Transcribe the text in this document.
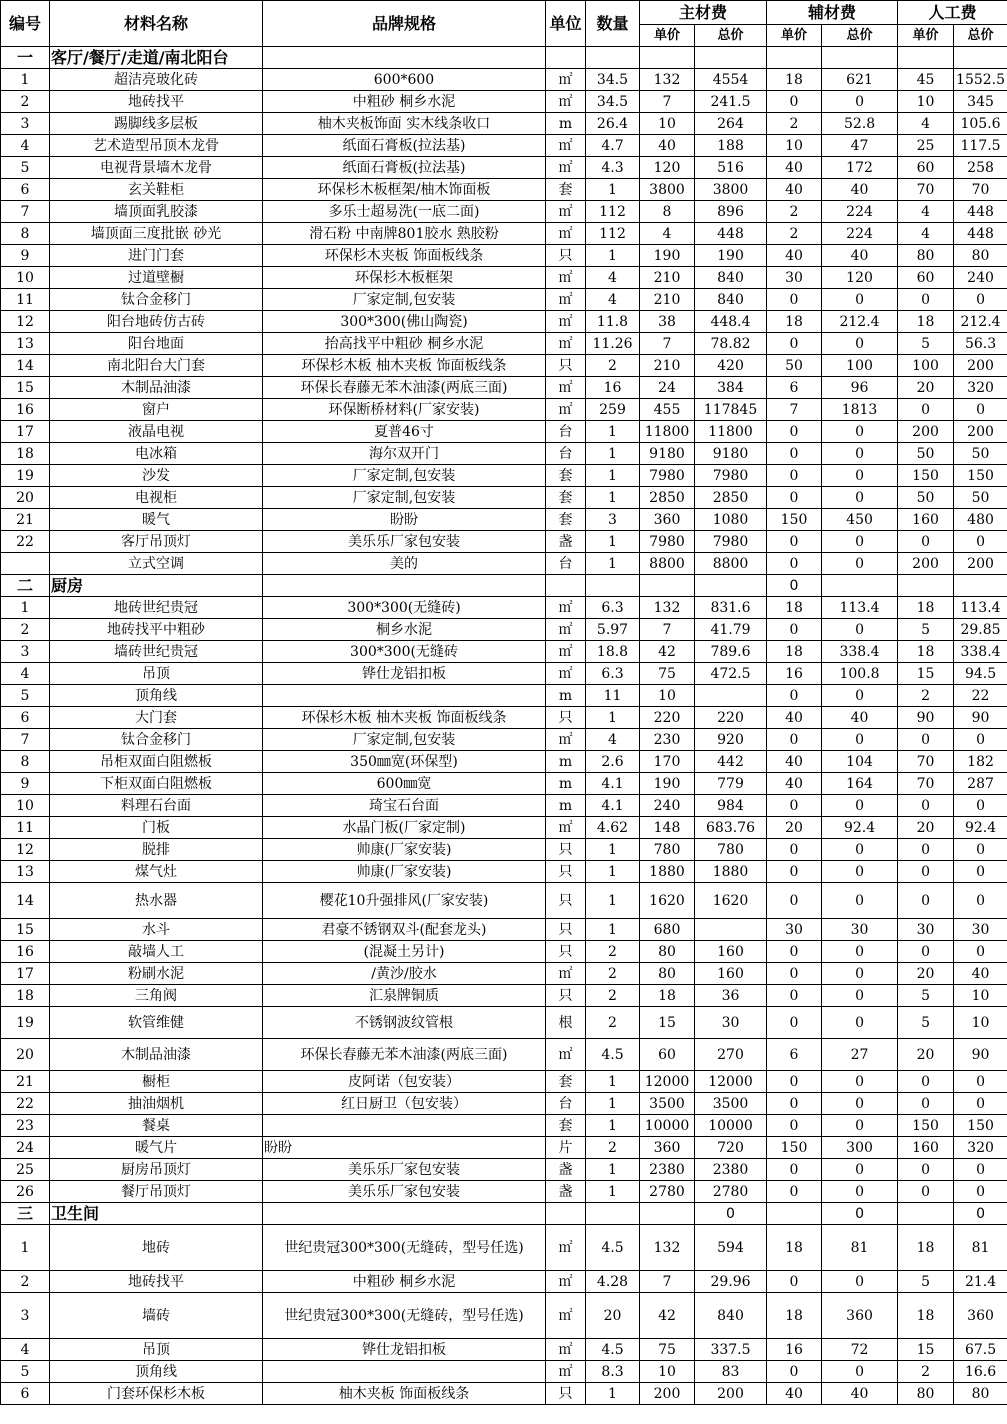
编号	材料名称	品牌规格	单位	数量	主材费		辅材费		人工费	
					单价	总价	单价	总价	单价	总价
一	客厅/餐厅/走道/南北阳台									
1	超洁亮玻化砖	600*600	㎡	34.5	132	4554	18	621	45	1552.5
2	地砖找平	中粗砂 桐乡水泥	㎡	34.5	7	241.5	0	0	10	345
3	踢脚线多层板	柚木夹板饰面 实木线条收口	m	26.4	10	264	2	52.8	4	105.6
4	艺术造型吊顶木龙骨	纸面石膏板(拉法基)	㎡	4.7	40	188	10	47	25	117.5
5	电视背景墙木龙骨	纸面石膏板(拉法基)	㎡	4.3	120	516	40	172	60	258
6	玄关鞋柜	环保杉木板框架/柚木饰面板	套	1	3800	3800	40	40	70	70
7	墙顶面乳胶漆	多乐士超易洗(一底二面)	㎡	112	8	896	2	224	4	448
8	墙顶面三度批嵌 砂光	滑石粉 中南牌801胶水 熟胶粉	㎡	112	4	448	2	224	4	448
9	进门门套	环保杉木夹板 饰面板线条	只	1	190	190	40	40	80	80
10	过道壁橱	环保杉木板框架	㎡	4	210	840	30	120	60	240
11	钛合金移门	厂家定制,包安装	㎡	4	210	840	0	0	0	0
12	阳台地砖仿古砖	300*300(佛山陶瓷)	㎡	11.8	38	448.4	18	212.4	18	212.4
13	阳台地面	抬高找平中粗砂 桐乡水泥	㎡	11.26	7	78.82	0	0	5	56.3
14	南北阳台大门套	环保杉木板 柚木夹板 饰面板线条	只	2	210	420	50	100	100	200
15	木制品油漆	环保长春藤无苯木油漆(两底三面)	㎡	16	24	384	6	96	20	320
16	窗户	环保断桥材料(厂家安装)	㎡	259	455	117845	7	1813	0	0
17	液晶电视	夏普46寸	台	1	11800	11800	0	0	200	200
18	电冰箱	海尔双开门	台	1	9180	9180	0	0	50	50
19	沙发	厂家定制,包安装	套	1	7980	7980	0	0	150	150
20	电视柜	厂家定制,包安装	套	1	2850	2850	0	0	50	50
21	暖气	盼盼	套	3	360	1080	150	450	160	480
22	客厅吊顶灯	美乐乐厂家包安装	盏	1	7980	7980	0	0	0	0
	立式空调	美的	台	1	8800	8800	0	0	200	200
二	厨房						0			
1	地砖世纪贵冠	300*300(无缝砖)	㎡	6.3	132	831.6	18	113.4	18	113.4
2	地砖找平中粗砂	桐乡水泥	㎡	5.97	7	41.79	0	0	5	29.85
3	墙砖世纪贵冠	300*300(无缝砖	㎡	18.8	42	789.6	18	338.4	18	338.4
4	吊顶	铧仕龙铝扣板	㎡	6.3	75	472.5	16	100.8	15	94.5
5	顶角线		m	11	10		0	0	2	22
6	大门套	环保杉木板 柚木夹板 饰面板线条	只	1	220	220	40	40	90	90
7	钛合金移门	厂家定制,包安装	㎡	4	230	920	0	0	0	0
8	吊柜双面白阻燃板	350㎜宽(环保型)	m	2.6	170	442	40	104	70	182
9	下柜双面白阻燃板	600㎜宽	m	4.1	190	779	40	164	70	287
10	料理石台面	琦宝石台面	m	4.1	240	984	0	0	0	0
11	门板	水晶门板(厂家定制)	㎡	4.62	148	683.76	20	92.4	20	92.4
12	脱排	帅康(厂家安装)	只	1	780	780	0	0	0	0
13	煤气灶	帅康(厂家安装)	只	1	1880	1880	0	0	0	0
14	热水器	樱花10升强排风(厂家安装)	只	1	1620	1620	0	0	0	0
15	水斗	君豪不锈钢双斗(配套龙头)	只	1	680		30	30	30	30
16	敲墙人工	(混凝土另计)	只	2	80	160	0	0	0	0
17	粉刷水泥	/黄沙/胶水	㎡	2	80	160	0	0	20	40
18	三角阀	汇泉牌铜质	只	2	18	36	0	0	5	10
19	软管维健	不锈钢波纹管根	根	2	15	30	0	0	5	10
20	木制品油漆	环保长春藤无苯木油漆(两底三面)	㎡	4.5	60	270	6	27	20	90
21	橱柜	皮阿诺（包安装）	套	1	12000	12000	0	0	0	0
22	抽油烟机	红日厨卫（包安装）	台	1	3500	3500	0	0	0	0
23	餐桌		套	1	10000	10000	0	0	150	150
24	暖气片	盼盼	片	2	360	720	150	300	160	320
25	厨房吊顶灯	美乐乐厂家包安装	盏	1	2380	2380	0	0	0	0
26	餐厅吊顶灯	美乐乐厂家包安装	盏	1	2780	2780	0	0	0	0
三	卫生间					0		0		0
1	地砖	世纪贵冠300*300(无缝砖，型号任选)	㎡	4.5	132	594	18	81	18	81
2	地砖找平	中粗砂 桐乡水泥	㎡	4.28	7	29.96	0	0	5	21.4
3	墙砖	世纪贵冠300*300(无缝砖，型号任选)	㎡	20	42	840	18	360	18	360
4	吊顶	铧仕龙铝扣板	㎡	4.5	75	337.5	16	72	15	67.5
5	顶角线		㎡	8.3	10	83	0	0	2	16.6
6	门套环保杉木板	柚木夹板 饰面板线条	只	1	200	200	40	40	80	80
